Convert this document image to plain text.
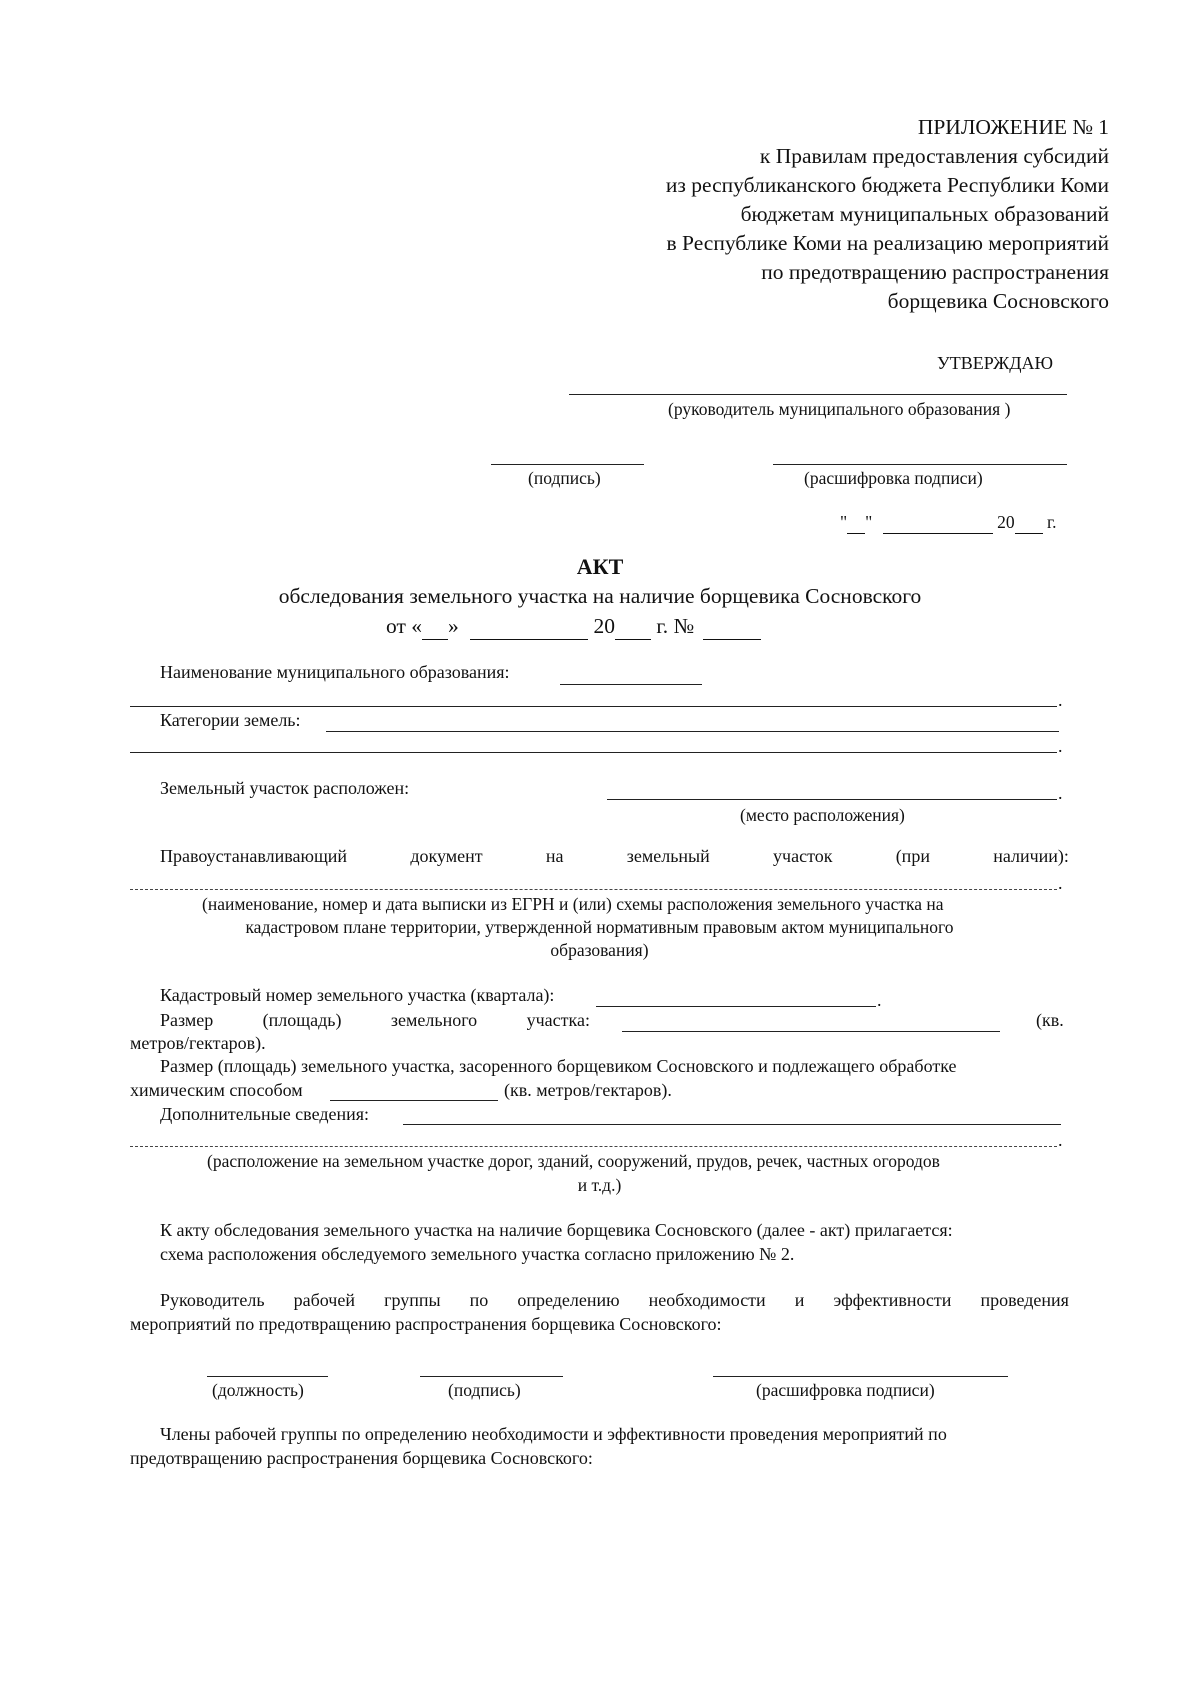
ПРИЛОЖЕНИЕ № 1
к Правилам предоставления субсидий
из республиканского бюджета Республики Коми
бюджетам муниципальных образований
в Республике Коми на реализацию мероприятий
по предотвращению распространения
борщевика Сосновского
УТВЕРЖДАЮ
(руководитель муниципального образования )
(подпись)	(расшифровка подписи)
" "	20 г.
АКТ
обследования земельного участка на наличие борщевика Сосновского
от « »	20 г. №
Наименование муниципального образования:
.
Категории земель:
.
Земельный участок расположен:	.
(место расположения)
Правоустанавливающий	документ	на	земельный	участок	(при	наличии):
.
(наименование, номер и дата выписки из ЕГРН и (или) схемы расположения земельного участка на
кадастровом плане территории, утвержденной нормативным правовым актом муниципального
образования)
Кадастровый номер земельного участка (квартала):	.
Размер	(площадь)	земельного	участка:	(кв.
метров/гектаров).
Размер (площадь) земельного участка, засоренного борщевиком Сосновского и подлежащего обработке
химическим способом	(кв. метров/гектаров).
Дополнительные сведения:
.
(расположение на земельном участке дорог, зданий, сооружений, прудов, речек, частных огородов
и т.д.)
К акту обследования земельного участка на наличие борщевика Сосновского (далее - акт) прилагается:
схема расположения обследуемого земельного участка согласно приложению № 2.
Руководитель рабочей группы по определению необходимости и эффективности проведения
мероприятий по предотвращению распространения борщевика Сосновского:
(должность)	(подпись)	(расшифровка подписи)
Члены рабочей группы по определению необходимости и эффективности проведения мероприятий по
предотвращению распространения борщевика Сосновского:
